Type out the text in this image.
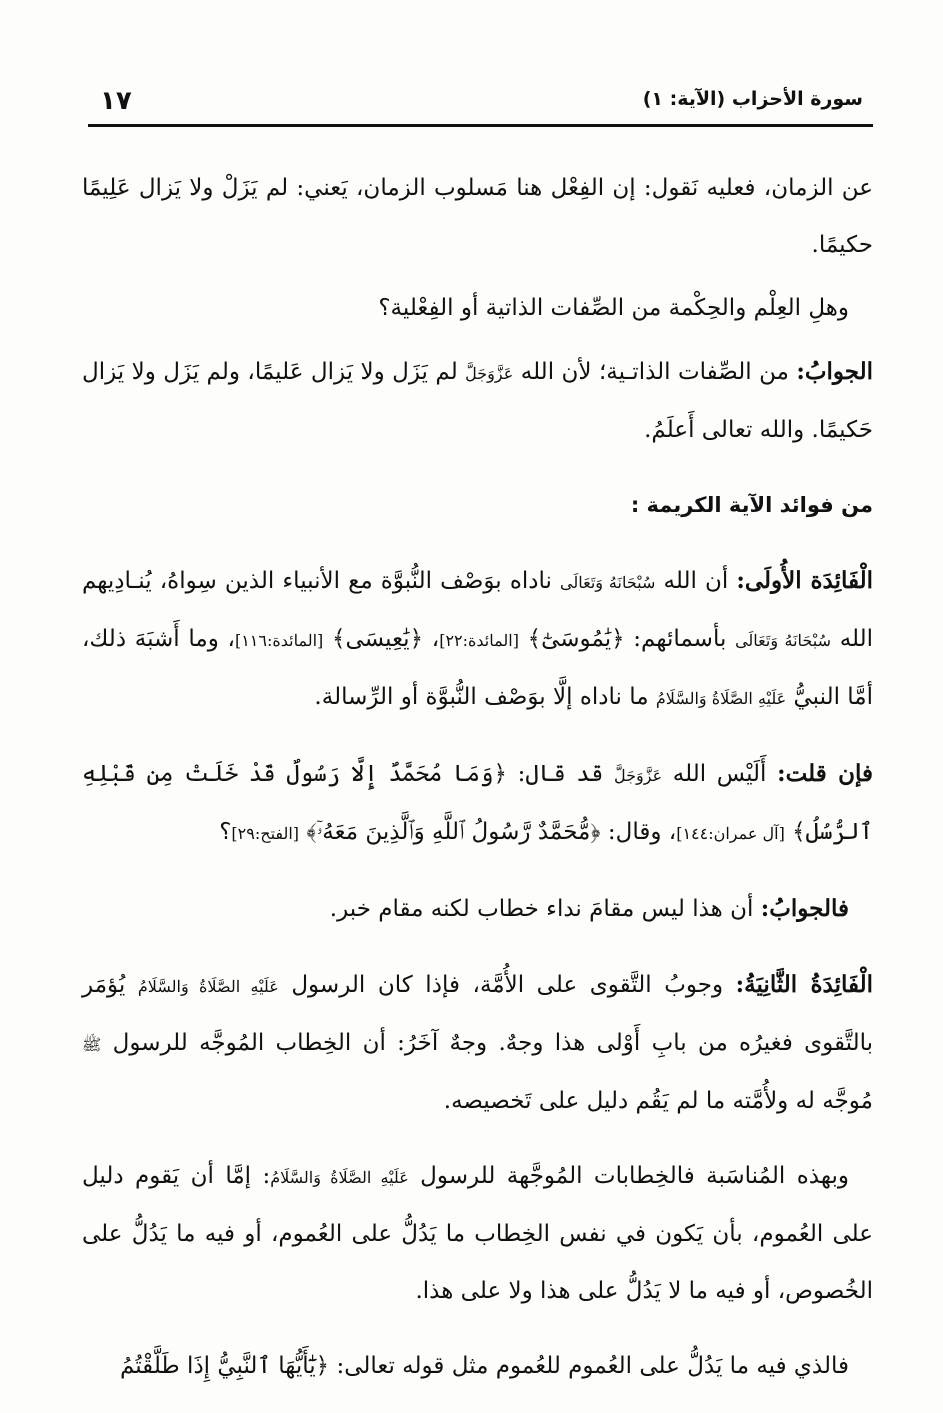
١٧	سورة الأحزاب (الآية: ١)

عن الزمان، فعليه نَقول: إن الفِعْل هنا مَسلوب الزمان، يَعني: لم يَزَلْ ولا يَزال عَلِيمًا حكيمًا.

وهلِ العِلْم والحِكْمة من الصِّفات الذاتية أو الفِعْلية؟

الجوابُ: من الصِّفات الذاتـية؛ لأن الله عَزَّوَجَلَّ لم يَزَل ولا يَزال عَليمًا، ولم يَزَل ولا يَزال حَكيمًا. والله تعالى أَعلَمُ.

من فوائد الآية الكريمة :

الْفَائِدَة الأُولَى: أن الله سُبْحَانَهُ وَتَعَالَى ناداه بوَصْف النُّبوَّة مع الأنبياء الذين سِواهُ، يُنـادِيهم الله سُبْحَانَهُ وَتَعَالَى بأسمائهم: ﴿يَٰمُوسَىٰٓ﴾ [المائدة:٢٢]، ﴿يَٰعِيسَى﴾ [المائدة:١١٦]، وما أَشبَهَ ذلك، أمَّا النبيُّ عَلَيْهِ الصَّلَاةُ وَالسَّلَامُ ما ناداه إلَّا بوَصْف النُّبوَّة أو الرِّسالة.

فإن قلت: أَلَيْس الله عَزَّوَجَلَّ قد قال: ﴿وَمَا مُحَمَّدٌ إِلَّا رَسُولٌ قَدْ خَلَتْ مِن قَبْلِهِ ٱلرُّسُلُ﴾ [آل عمران:١٤٤]، وقال: ﴿مُّحَمَّدٌ رَّسُولُ ٱللَّهِ وَٱلَّذِينَ مَعَهُۥٓ﴾ [الفتح:٢٩]؟

فالجوابُ: أن هذا ليس مقامَ نداء خطاب لكنه مقام خبر.

الْفَائِدَةُ الثَّانِيَةُ: وجوبُ التَّقوى على الأُمَّة، فإذا كان الرسول عَلَيْهِ الصَّلَاةُ وَالسَّلَامُ يُؤمَر بالتَّقوى فغيرُه من بابِ أَوْلى هذا وجهٌ. وجهٌ آخَرُ: أن الخِطاب المُوجَّه للرسول ﷺ مُوجَّه له ولأُمَّته ما لم يَقُم دليل على تَخصيصه.

وبهذه المُناسَبة فالخِطابات المُوجَّهة للرسول عَلَيْهِ الصَّلَاةُ وَالسَّلَامُ: إمَّا أن يَقوم دليل على العُموم، بأن يَكون في نفس الخِطاب ما يَدُلُّ على العُموم، أو فيه ما يَدُلُّ على الخُصوص، أو فيه ما لا يَدُلُّ على هذا ولا على هذا.

فالذي فيه ما يَدُلُّ على العُموم للعُموم مثل قوله تعالى: ﴿يَٰٓأَيُّهَا ٱلنَّبِيُّ إِذَا طَلَّقْتُمُ
